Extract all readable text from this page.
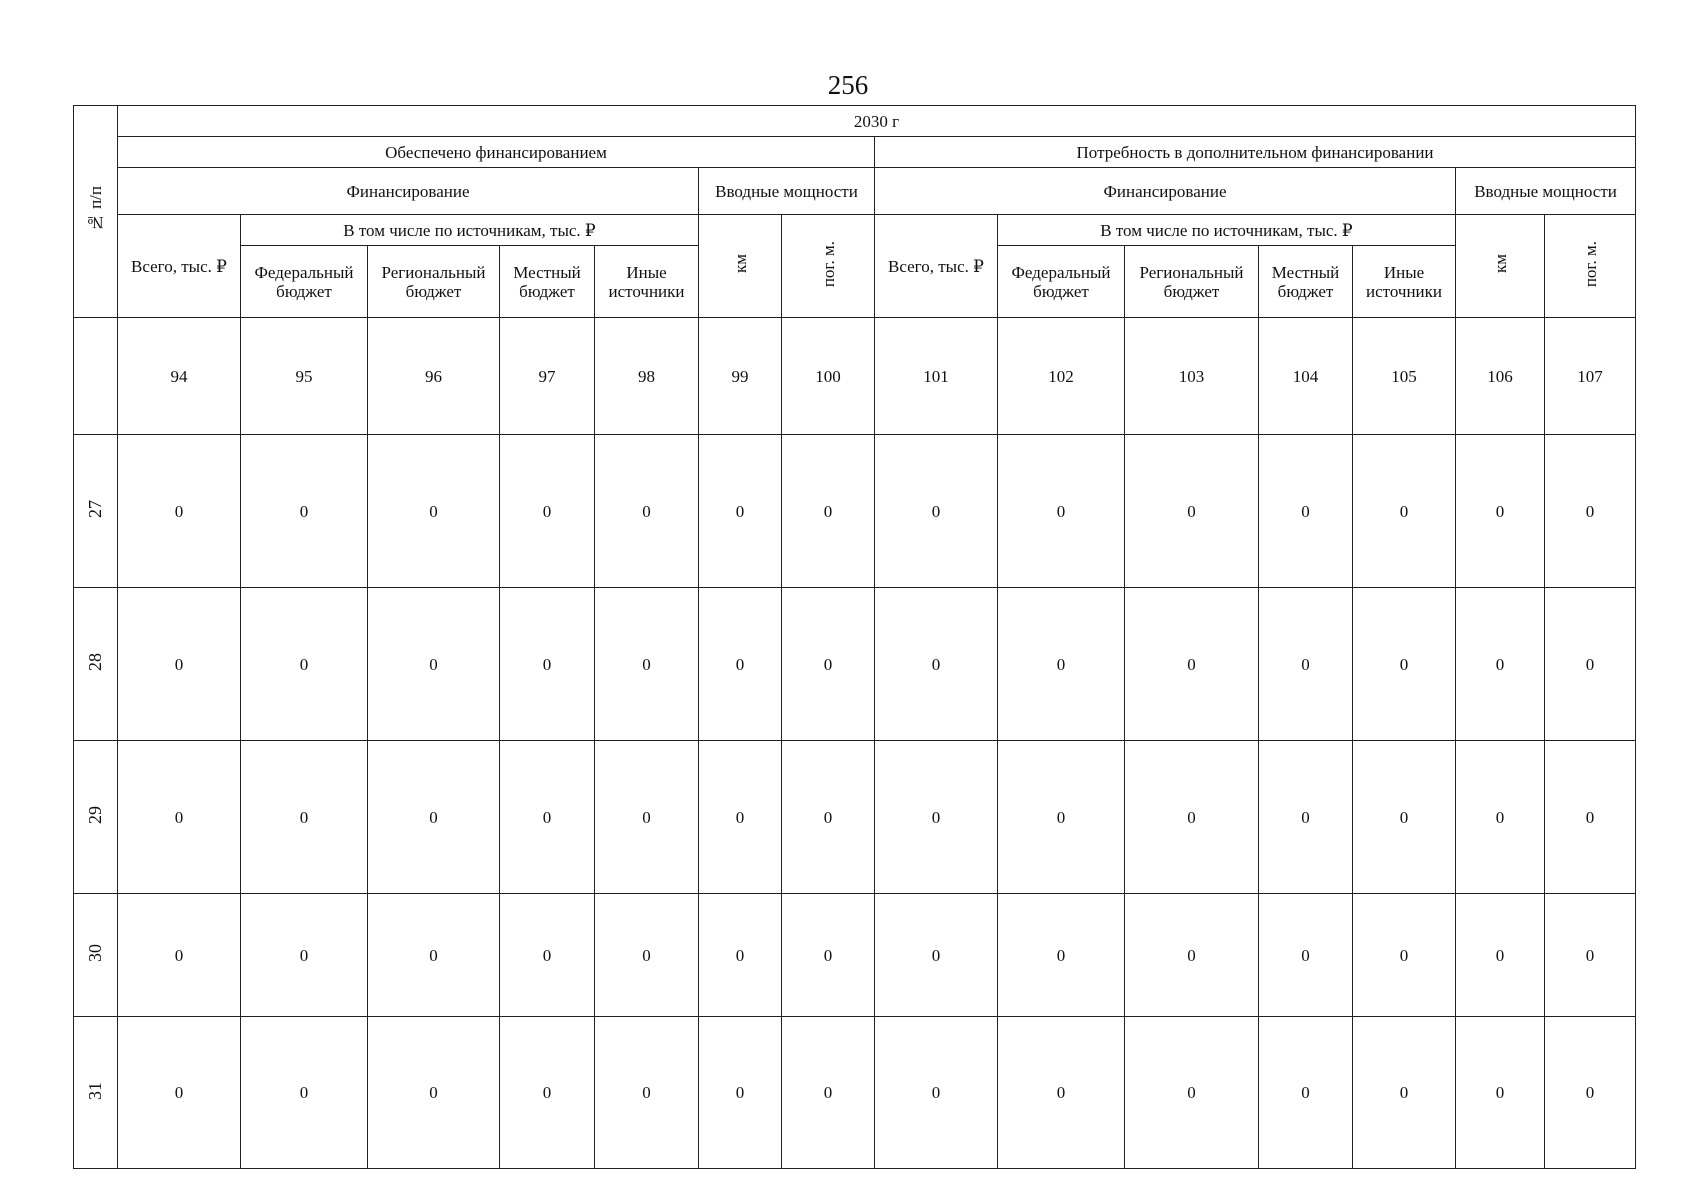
256
№ п/п	2030 г													
	Обеспечено финансированием							Потребность в дополнительном финансировании						
	Финансирование					Вводные мощности		Финансирование					Вводные мощности	
	Всего, тыс. ₽	В том числе по источникам, тыс. ₽				км	пог. м.	Всего, тыс. ₽	В том числе по источникам, тыс. ₽				км	пог. м.
		Федеральный бюджет	Региональный бюджет	Местный бюджет	Иные источники				Федеральный бюджет	Региональный бюджет	Местный бюджет	Иные источники		
	94	95	96	97	98	99	100	101	102	103	104	105	106	107
27	0	0	0	0	0	0	0	0	0	0	0	0	0	0
28	0	0	0	0	0	0	0	0	0	0	0	0	0	0
29	0	0	0	0	0	0	0	0	0	0	0	0	0	0
30	0	0	0	0	0	0	0	0	0	0	0	0	0	0
31	0	0	0	0	0	0	0	0	0	0	0	0	0	0
